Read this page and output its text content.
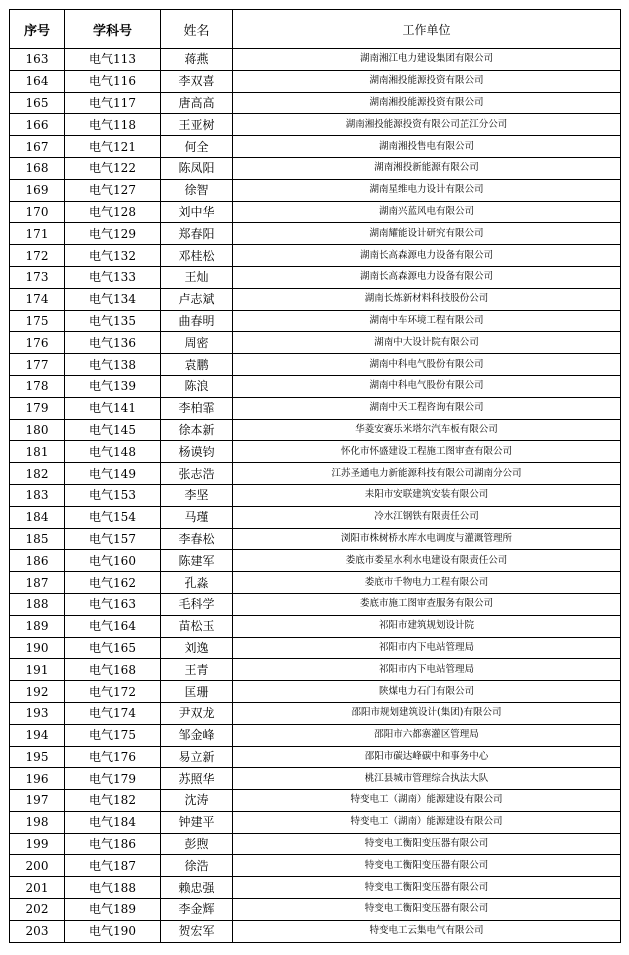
序号	学科号	姓名	工作单位
163	电气113	蒋燕	湖南湘江电力建设集团有限公司
164	电气116	李双喜	湖南湘投能源投资有限公司
165	电气117	唐高高	湖南湘投能源投资有限公司
166	电气118	王亚树	湖南湘投能源投资有限公司芷江分公司
167	电气121	何全	湖南湘投售电有限公司
168	电气122	陈凤阳	湖南湘投新能源有限公司
169	电气127	徐智	湖南星维电力设计有限公司
170	电气128	刘中华	湖南兴蓝风电有限公司
171	电气129	郑春阳	湖南耀能设计研究有限公司
172	电气132	邓桂松	湖南长高森源电力设备有限公司
173	电气133	王灿	湖南长高森源电力设备有限公司
174	电气134	卢志斌	湖南长炼新材料科技股份公司
175	电气135	曲春明	湖南中车环境工程有限公司
176	电气136	周密	湖南中大设计院有限公司
177	电气138	袁鹏	湖南中科电气股份有限公司
178	电气139	陈浪	湖南中科电气股份有限公司
179	电气141	李柏霏	湖南中天工程咨询有限公司
180	电气145	徐本新	华菱安赛乐米塔尔汽车板有限公司
181	电气148	杨谟钧	怀化市怀盛建设工程施工图审查有限公司
182	电气149	张志浩	江苏圣通电力新能源科技有限公司湖南分公司
183	电气153	李坚	耒阳市安联建筑安装有限公司
184	电气154	马瑾	冷水江钢铁有限责任公司
185	电气157	李春松	浏阳市株树桥水库水电调度与灌溉管理所
186	电气160	陈建军	娄底市娄星水利水电建设有限责任公司
187	电气162	孔淼	娄底市千物电力工程有限公司
188	电气163	毛科学	娄底市施工图审查服务有限公司
189	电气164	苗松玉	祁阳市建筑规划设计院
190	电气165	刘逸	祁阳市内下电站管理局
191	电气168	王青	祁阳市内下电站管理局
192	电气172	匡珊	陕煤电力石门有限公司
193	电气174	尹双龙	邵阳市规划建筑设计(集团)有限公司
194	电气175	邹金峰	邵阳市六都寨灌区管理局
195	电气176	易立新	邵阳市碳达峰碳中和事务中心
196	电气179	苏照华	桃江县城市管理综合执法大队
197	电气182	沈涛	特变电工（湖南）能源建设有限公司
198	电气184	钟建平	特变电工（湖南）能源建设有限公司
199	电气186	彭煦	特变电工衡阳变压器有限公司
200	电气187	徐浩	特变电工衡阳变压器有限公司
201	电气188	赖忠强	特变电工衡阳变压器有限公司
202	电气189	李金辉	特变电工衡阳变压器有限公司
203	电气190	贺宏军	特变电工云集电气有限公司
